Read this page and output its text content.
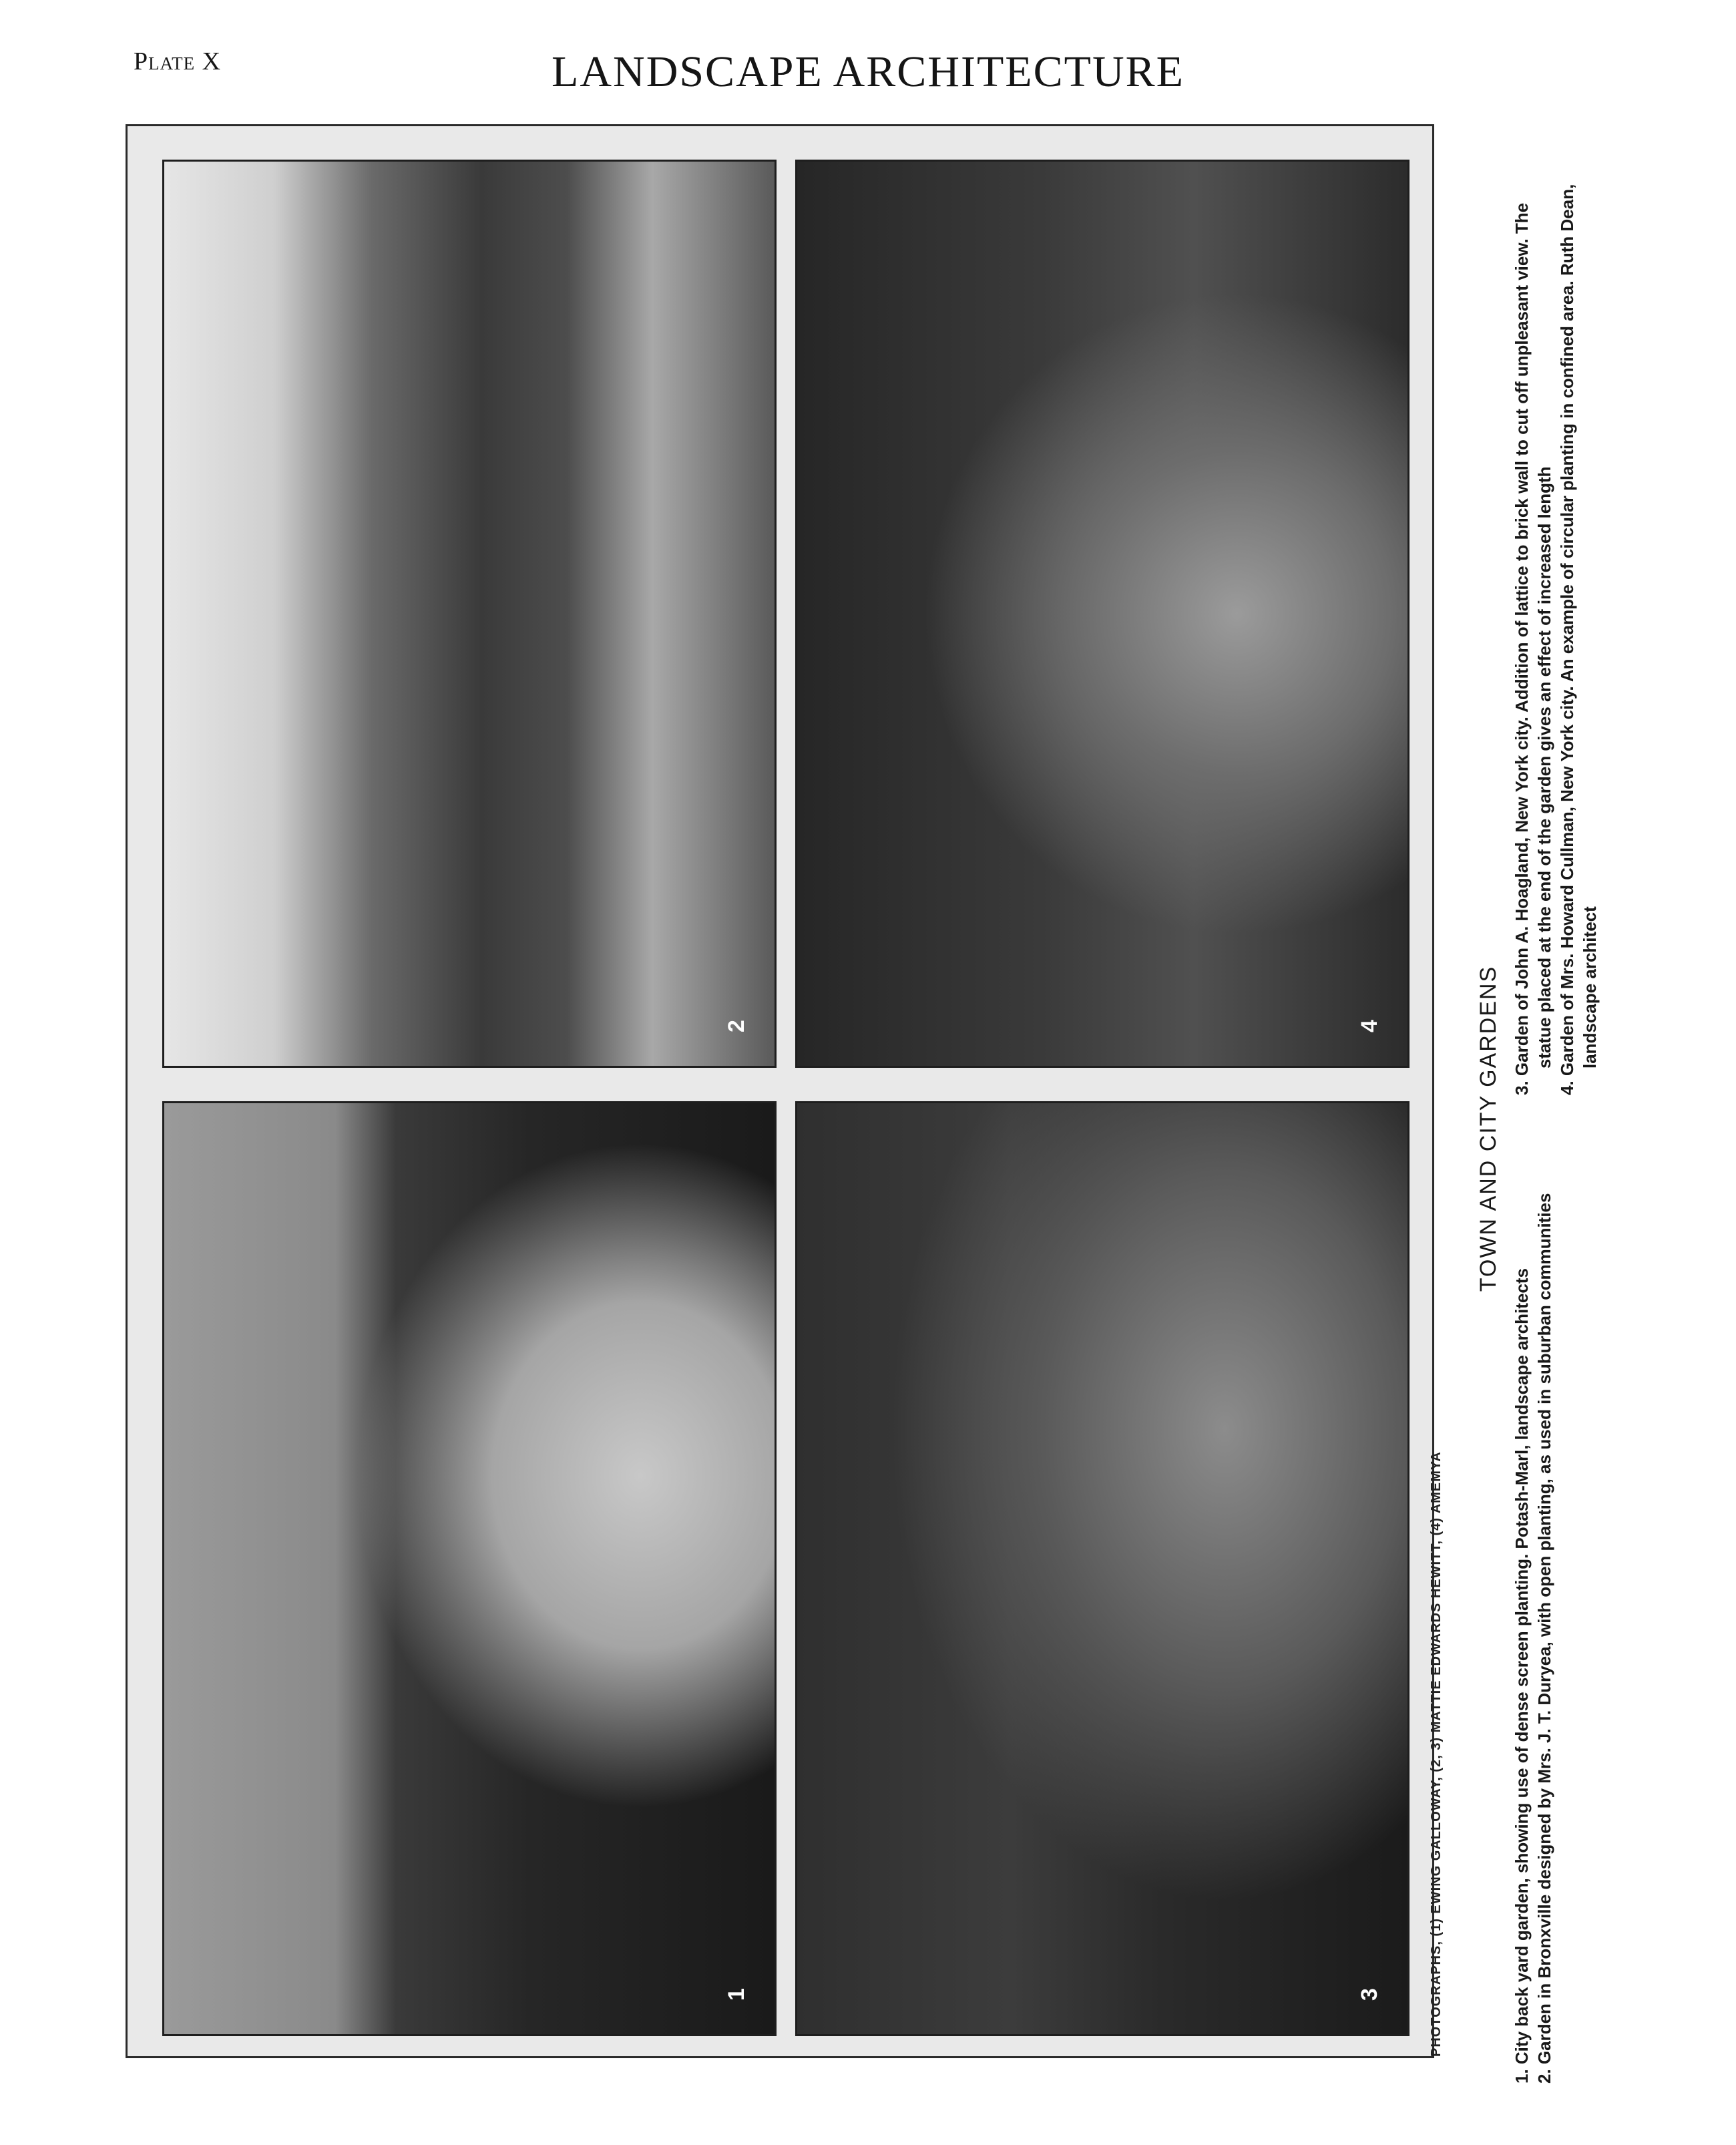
Plate X	LANDSCAPE ARCHITECTURE
2
1
4
3	PHOTOGRAPHS, (1) EWING GALLOWAY, (2, 3) MATTIE EDWARDS HEWITT, (4) AMEMYA
TOWN AND CITY GARDENS
1. City back yard garden, showing use of dense screen planting. Potash-Marl, landscape architects 2. Garden in Bronxville designed by Mrs. J. T. Duryea, with open planting, as used in suburban communities
3. Garden of John A. Hoagland, New York city. Addition of lattice to brick wall to cut off unpleasant view. The statue placed at the end of the garden gives an effect of increased length 4. Garden of Mrs. Howard Cullman, New York city. An example of circular planting in confined area. Ruth Dean, landscape architect
